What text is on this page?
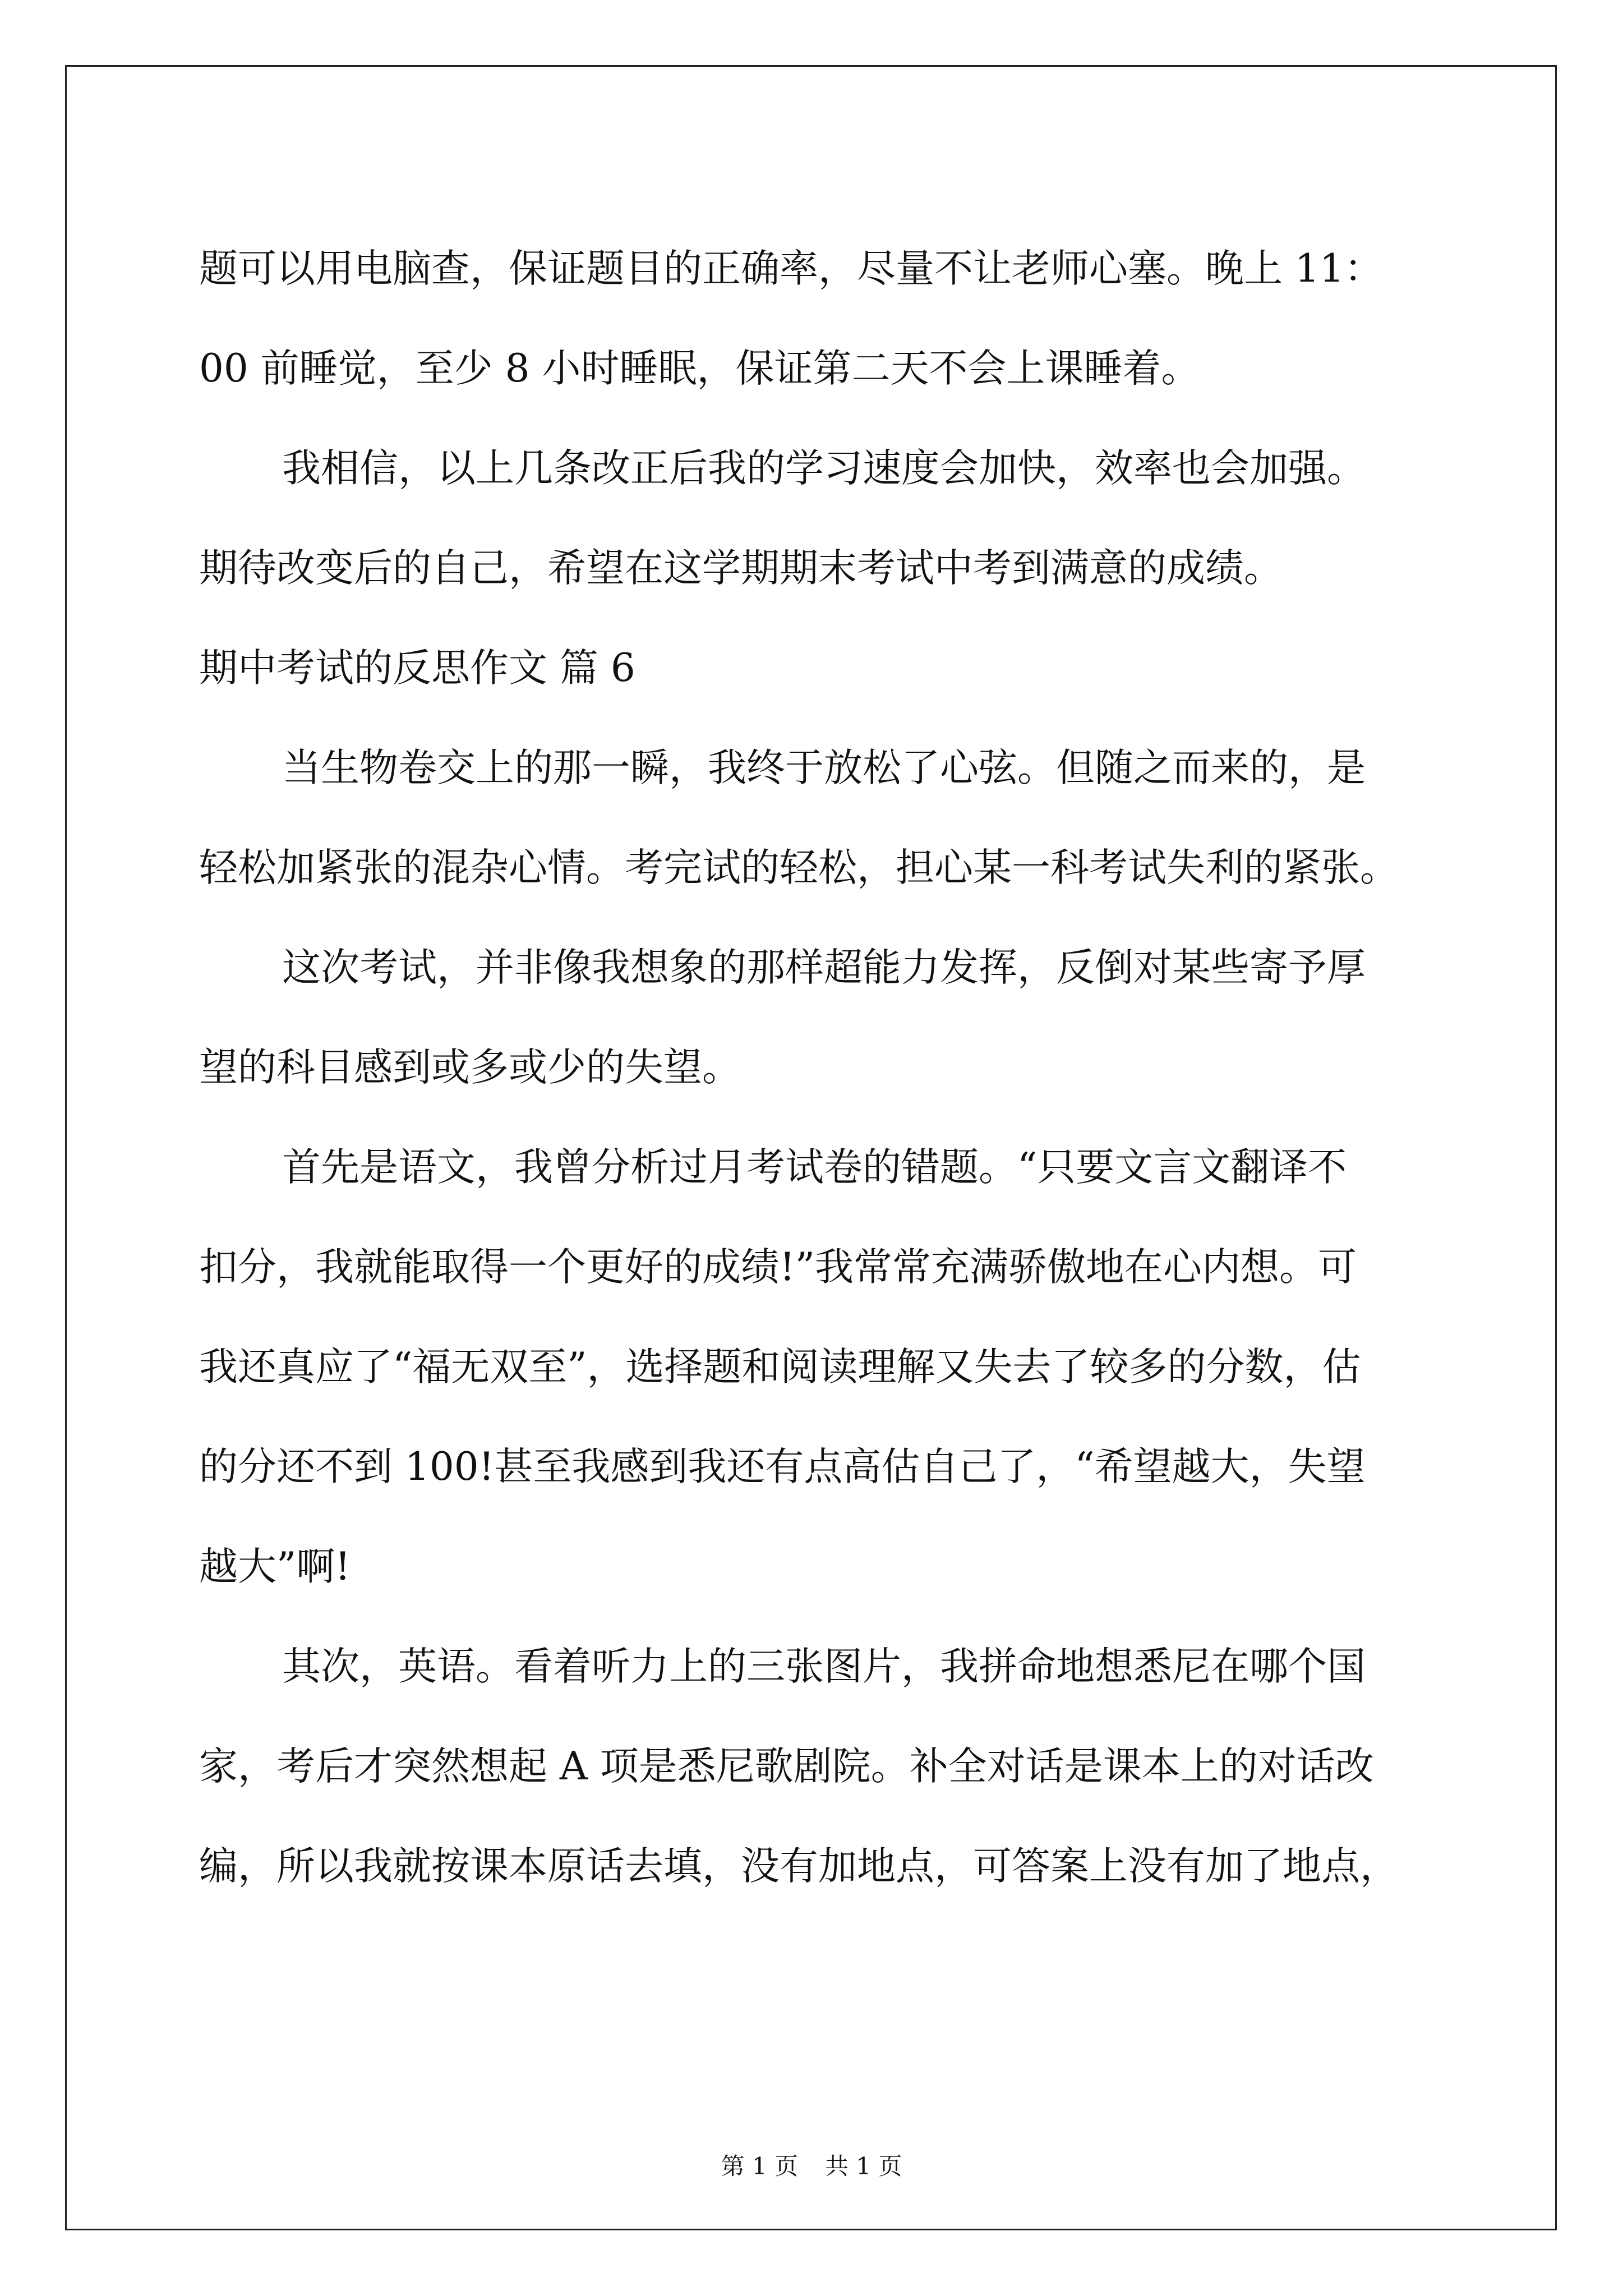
题可以用电脑查，保证题目的正确率，尽量不让老师心塞。晚上 11：
00 前睡觉，至少 8 小时睡眠，保证第二天不会上课睡着。
我相信，以上几条改正后我的学习速度会加快，效率也会加强。
期待改变后的自己，希望在这学期期末考试中考到满意的成绩。
期中考试的反思作文 篇 6
当生物卷交上的那一瞬，我终于放松了心弦。但随之而来的，是
轻松加紧张的混杂心情。考完试的轻松，担心某一科考试失利的紧张。
这次考试，并非像我想象的那样超能力发挥，反倒对某些寄予厚
望的科目感到或多或少的失望。
首先是语文，我曾分析过月考试卷的错题。“只要文言文翻译不
扣分，我就能取得一个更好的成绩!”我常常充满骄傲地在心内想。可
我还真应了“福无双至”，选择题和阅读理解又失去了较多的分数，估
的分还不到 100!甚至我感到我还有点高估自己了，“希望越大，失望
越大”啊!
其次，英语。看着听力上的三张图片，我拼命地想悉尼在哪个国
家，考后才突然想起 A 项是悉尼歌剧院。补全对话是课本上的对话改
编，所以我就按课本原话去填，没有加地点，可答案上没有加了地点，
第 1 页 共 1 页
